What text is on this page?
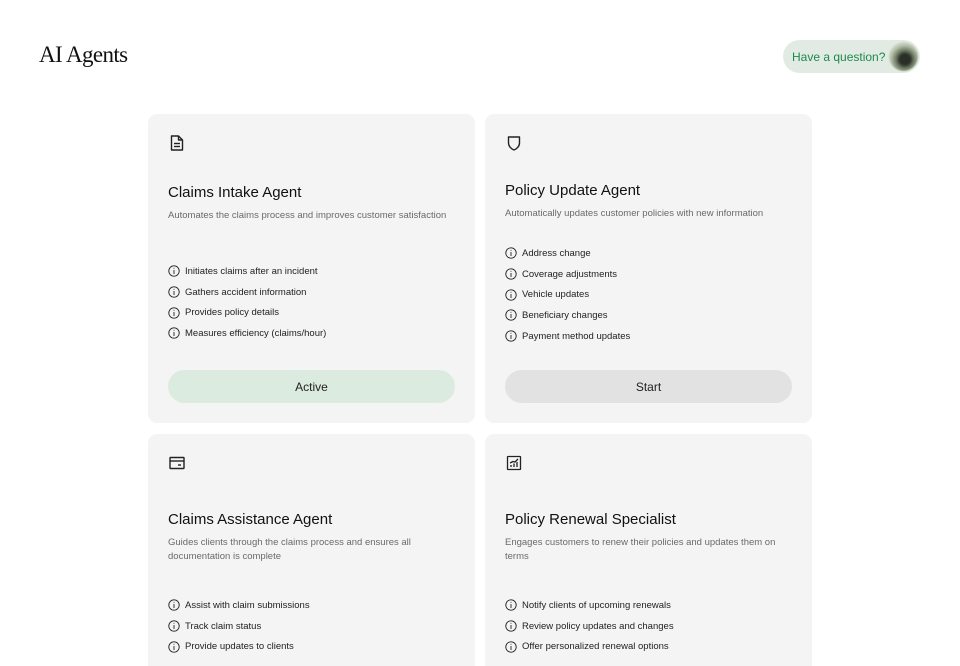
AI Agents	Have a question?
Claims Intake Agent
Automates the claims process and improves customer satisfaction
Initiates claims after an incident
Gathers accident information
Provides policy details
Measures efficiency (claims/hour)
Active
Policy Update Agent
Automatically updates customer policies with new information
Address change
Coverage adjustments
Vehicle updates
Beneficiary changes
Payment method updates
Start
Claims Assistance Agent
Guides clients through the claims process and ensures all documentation is complete
Assist with claim submissions
Track claim status
Provide updates to clients
Policy Renewal Specialist
Engages customers to renew their policies and updates them on terms
Notify clients of upcoming renewals
Review policy updates and changes
Offer personalized renewal options
